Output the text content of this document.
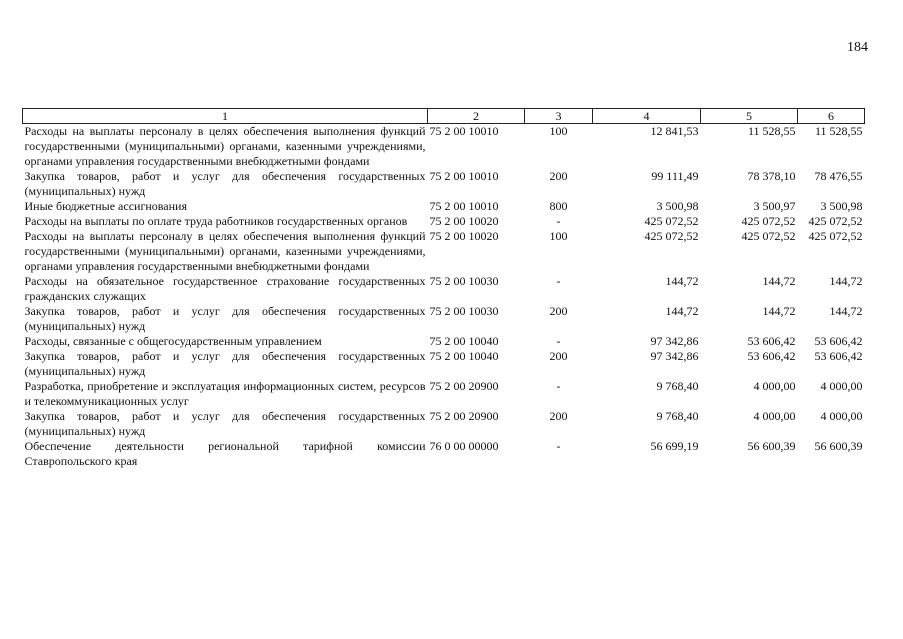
184
1	2	3	4	5	6
Расходы на выплаты персоналу в целях обеспечения выполнения функций государственными (муниципальными) органами, казенными учреждениями, органами управления государственными внебюджетными фондами	75 2 00 10010	100	12 841,53	11 528,55	11 528,55
Закупка товаров, работ и услуг для обеспечения государственных (муниципальных) нужд	75 2 00 10010	200	99 111,49	78 378,10	78 476,55
Иные бюджетные ассигнования	75 2 00 10010	800	3 500,98	3 500,97	3 500,98
Расходы на выплаты по оплате труда работников государственных органов	75 2 00 10020	-	425 072,52	425 072,52	425 072,52
Расходы на выплаты персоналу в целях обеспечения выполнения функций государственными (муниципальными) органами, казенными учреждениями, органами управления государственными внебюджетными фондами	75 2 00 10020	100	425 072,52	425 072,52	425 072,52
Расходы на обязательное государственное страхование государственных гражданских служащих	75 2 00 10030	-	144,72	144,72	144,72
Закупка товаров, работ и услуг для обеспечения государственных (муниципальных) нужд	75 2 00 10030	200	144,72	144,72	144,72
Расходы, связанные с общегосударственным управлением	75 2 00 10040	-	97 342,86	53 606,42	53 606,42
Закупка товаров, работ и услуг для обеспечения государственных (муниципальных) нужд	75 2 00 10040	200	97 342,86	53 606,42	53 606,42
Разработка, приобретение и эксплуатация информационных систем, ресурсов и телекоммуникационных услуг	75 2 00 20900	-	9 768,40	4 000,00	4 000,00
Закупка товаров, работ и услуг для обеспечения государственных (муниципальных) нужд	75 2 00 20900	200	9 768,40	4 000,00	4 000,00
Обеспечение деятельности региональной тарифной комиссии Ставропольского края	76 0 00 00000	-	56 699,19	56 600,39	56 600,39
